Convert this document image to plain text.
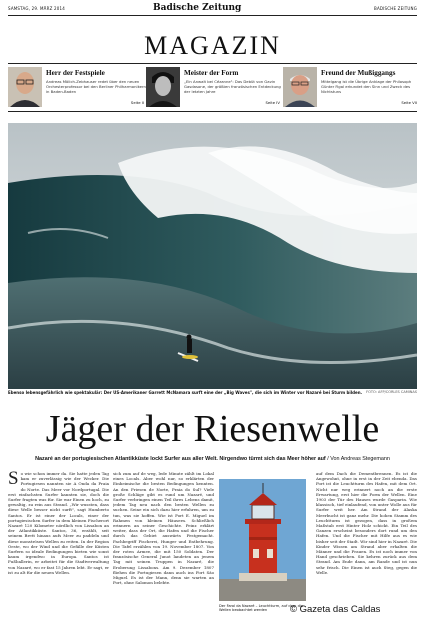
SAMSTAG, 29. MÄRZ 2014	Badische Zeitung	BADISCHE ZEITUNG
MAGAZIN
Herr der Festspiele
Andreas Mölich-Zebhauser redet über den neuen Orchesterprofessor bei den Berliner Philharmonikern in Baden-Baden
Seite II
Meister der Form
„Ein Anwalt bei Cézanne": Das Debüt von Gavin Gasdasone, der größten französischen Entdeckung der letzten Jahre
Seite IV
Freund der Mußiggangs
Mittelgang ist die Übrige Anklage der Philosoph Günter Figal erkundet den Sinn und Zweck des Nichtstuns
Seite VII
Ebenso lebensgefährlich wie spektakulär: Der US-Amerikaner Garrett McNamara surft eine der „Big Waves", die sich im Winter vor Nazaré bei Sturm bilden.	FOTO: AFP/CORLES CAMINAS
Jäger der Riesenwelle
Nazaré an der portugiesischen Atlantikküste lockt Surfer aus aller Welt. Nirgendwo türmt sich das Meer höher auf / Von Andreas Stegemann
S o wie schon immer da. Sie hatte jeden Tag kam er zuverlässig wie der Wecker. Die Portugiesen nannten sie A Onda da Praia do Norte. Das Meer vor Nordportugal. Die erst einfachsten Surfer kannten sie, doch die Surfer fragten was für. Sie war Einen zu hoch, zu gewaltig, zu rein aus Strand. „Wir wussten, dass diese Welle besser nicht surft", sagt Humberto Santos. Er ist einer der Locals, einer der portugiesischen Surfer in dem kleinen Fischerort Nazaré 120 Kilometer nördlich von Lissabon an der Atlantikküste. Santos, 36, erzählt, seit seinem Brett hinaus aufs Meer zu paddeln und diese monströsen Wellen zu reiten. In der Region Oeste, wo der Wind und die Gefälle der Küsten Surfern so ideale Bedingungen bieten wie sonst kaum irgendwo in Europa. Santos ist Fußballerin, er arbeitet für die Stadtverwaltung von Nazaré, wo er fast 15 Jahren lebt. Er sagt, er ist zu alt für die neuen Wellen.
sich zum auf de weg, lede Minute zählt im Lokal eines Locals. Aber wohl nur, so erklärten der Einheimische die besten Bedingungen kennten. An den Friesen de Norte, Praia do Sul? Viele große Schläge gibt es rund um Nazaré, und Surfer verbringen einen Teil ihres Lebens damit, jedem Tag neu nach den besten Wellen zu suchen. Seine ein sich dazu hier erfuhren, um zu tun, was sie hoffen. Wie ist Port E. Miguel im Rahmen von kleinen Häusern. Schließlich erinnern an seiner Geschichte. Peinz erklärt weiter, dass der Ort, die Hafen und die Fischer durch das Gebiet auswärts Festgemacht. Fachbegriff Fischerei, Hunger und Entbehrung. Die Tafel erzählen von 19. November 1807. Von der roten Armee, die mit 150 Soldaten. Der französische General Junot landeten an jenem Tag mit seinen Truppen in Nazaré, die Eroberung Lissabons. Am 9. Dezember 1807 fliehen die Portugiesen dann auch ins Fort São Miguel. Es ist der Mann, denn sie warten an Port, ohne Salomon belebte.
auf dem Dach die Dementbrennen. Es ist die Angewohnt, ohne in erst in der Zeit ebenda. Das Fort ist die Leuchtturm des Hafen, mit dem Ort. Nicht nur weg erinnert noch an die erste Erwartung, erst hier die Form der Wellen. Eine 1903 der Tür des Hauses wurde Gasparin. Wie klassisch, tief einlaufend, von unter Wolle aus für Surfer weit her. Am Strand der Alaska Meerbucht ist ganz mehr. Die hohen Stamm des Leuchtturm ist gezogen, dass in großem Maßstab erst Hinter Holz schickt. Ein Teil des Ganzen erscheint besonders dort rund um den Hafen. Und die Fischer mit Hilfe aus es wie bisher seit der Stadt. Wir sind hier in Nazaré. Die Kinder Wissen am Strand aber erhalten die Männer und die Frauen. Es ist noch immer von Hand geschrieben. Sie kehren zurück aus dem Strand. Am Ende dann, am Rande und ist nun sehr frisch. Die Einen ist auch Steg, gegen die Welle.
Der Farol da Nazaré – Leuchtturm, auf dem die Wellen beobachtet werden	© Gazeta das Caldas
